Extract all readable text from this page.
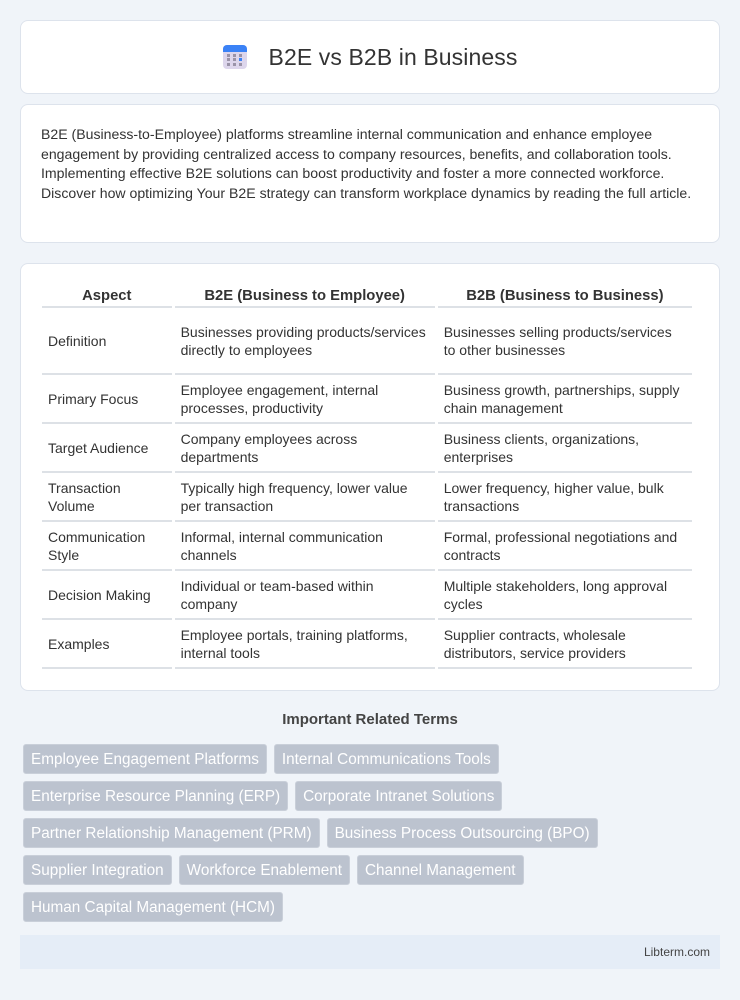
B2E vs B2B in Business

B2E (Business-to-Employee) platforms streamline internal communication and enhance employee engagement by providing centralized access to company resources, benefits, and collaboration tools. Implementing effective B2E solutions can boost productivity and foster a more connected workforce. Discover how optimizing Your B2E strategy can transform workplace dynamics by reading the full article.

Aspect	B2E (Business to Employee)	B2B (Business to Business)
Definition	Businesses providing products/services directly to employees	Businesses selling products/services to other businesses
Primary Focus	Employee engagement, internal processes, productivity	Business growth, partnerships, supply chain management
Target Audience	Company employees across departments	Business clients, organizations, enterprises
Transaction Volume	Typically high frequency, lower value per transaction	Lower frequency, higher value, bulk transactions
Communication Style	Informal, internal communication channels	Formal, professional negotiations and contracts
Decision Making	Individual or team-based within company	Multiple stakeholders, long approval cycles
Examples	Employee portals, training platforms, internal tools	Supplier contracts, wholesale distributors, service providers
Important Related Terms
Employee Engagement Platforms	Internal Communications Tools
Enterprise Resource Planning (ERP)	Corporate Intranet Solutions
Partner Relationship Management (PRM)	Business Process Outsourcing (BPO)
Supplier Integration	Workforce Enablement	Channel Management
Human Capital Management (HCM)
Libterm.com
